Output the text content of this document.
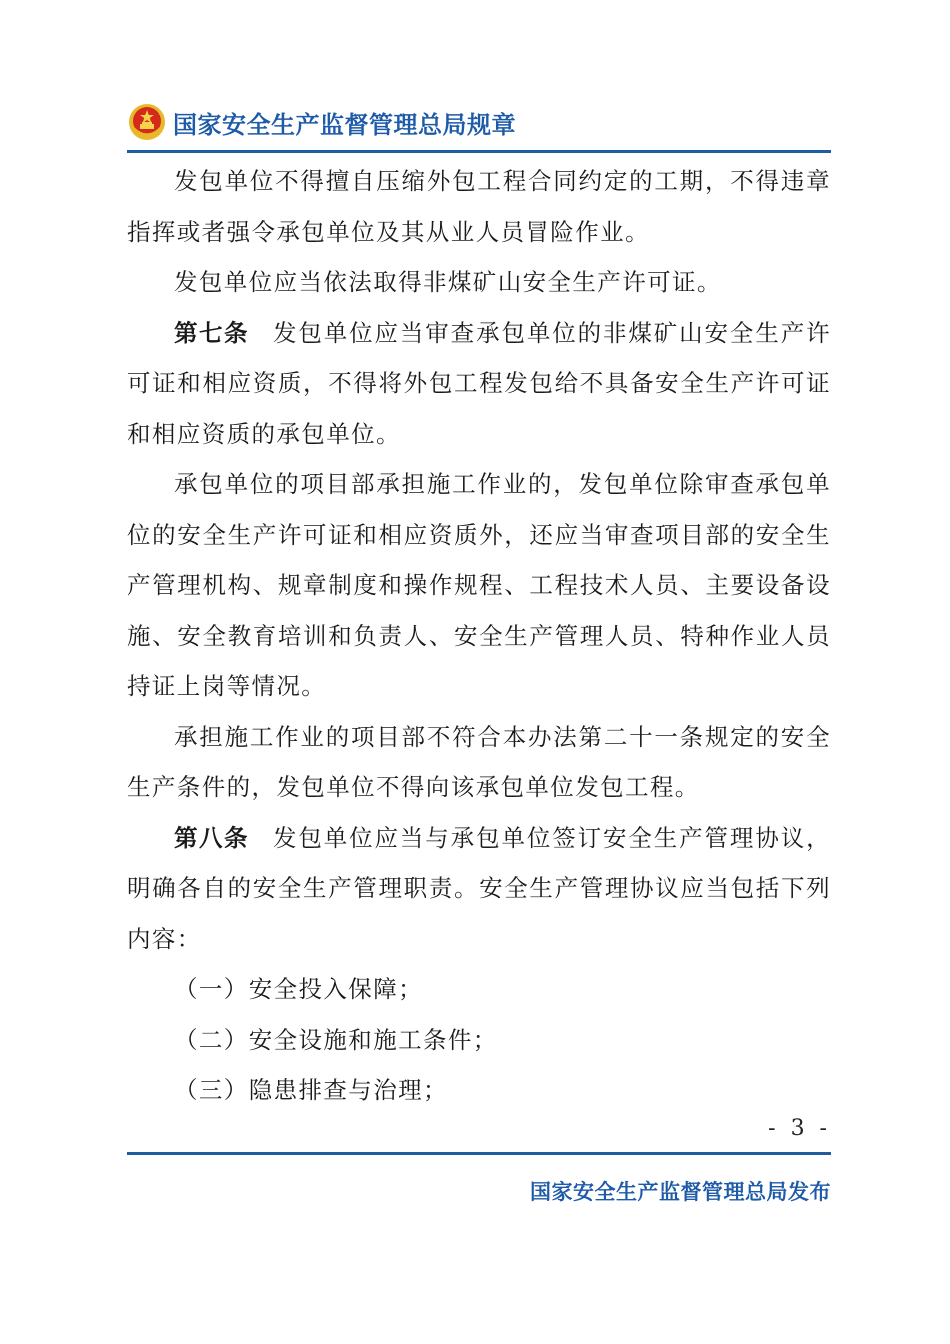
国家安全生产监督管理总局规章

发包单位不得擅自压缩外包工程合同约定的工期，不得违章指挥或者强令承包单位及其从业人员冒险作业。

发包单位应当依法取得非煤矿山安全生产许可证。

第七条 发包单位应当审查承包单位的非煤矿山安全生产许可证和相应资质，不得将外包工程发包给不具备安全生产许可证和相应资质的承包单位。

承包单位的项目部承担施工作业的，发包单位除审查承包单位的安全生产许可证和相应资质外，还应当审查项目部的安全生产管理机构、规章制度和操作规程、工程技术人员、主要设备设施、安全教育培训和负责人、安全生产管理人员、特种作业人员持证上岗等情况。

承担施工作业的项目部不符合本办法第二十一条规定的安全生产条件的，发包单位不得向该承包单位发包工程。

第八条 发包单位应当与承包单位签订安全生产管理协议，明确各自的安全生产管理职责。安全生产管理协议应当包括下列内容：

（一）安全投入保障；

（二）安全设施和施工条件；

（三）隐患排查与治理；

- 3 -
国家安全生产监督管理总局发布
